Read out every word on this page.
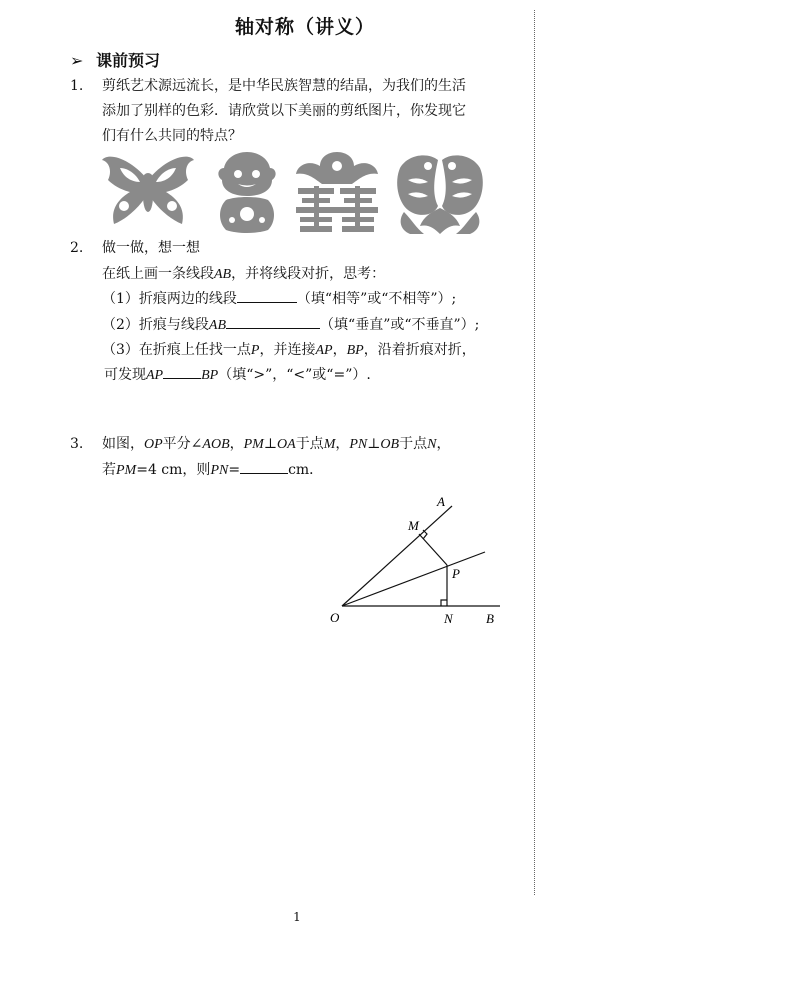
轴对称（讲义）
➢ 课前预习
1. 剪纸艺术源远流长，是中华民族智慧的结晶，为我们的生活
添加了别样的色彩．请欣赏以下美丽的剪纸图片，你发现它
们有什么共同的特点？
2. 做一做，想一想
在纸上画一条线段AB，并将线段对折，思考：
（1）折痕两边的线段	（填“相等”或“不相等”）;
（2）折痕与线段AB	（填“垂直”或“不垂直”）;
（3）在折痕上任找一点P，并连接AP，BP，沿着折痕对折，
可发现AP	BP（填“>”，“<”或“=”）.
3. 如图，OP平分∠AOB，PM⊥OA于点M，PN⊥OB于点N，
若PM=4 cm，则PN=	cm．
A
M
P
O	N	B
1
